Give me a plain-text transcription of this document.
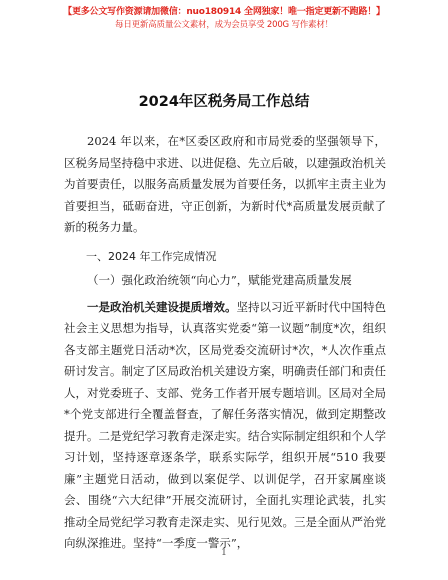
【更多公文写作资源请加微信：nuo180914 全网独家！唯一指定更新不跑路！】
每日更新高质量公文素材，成为会员享受 200G 写作素材！
2024年区税务局工作总结

2024 年以来，在*区委区政府和市局党委的坚强领导下，区税务局坚持稳中求进、以进促稳、先立后破，以建强政治机关为首要责任，以服务高质量发展为首要任务，以抓牢主责主业为首要担当，砥砺奋进，守正创新，为新时代*高质量发展贡献了新的税务力量。

一、2024 年工作完成情况

（一）强化政治统领“向心力”，赋能党建高质量发展

一是政治机关建设提质增效。坚持以习近平新时代中国特色社会主义思想为指导，认真落实党委“第一议题”制度*次，组织各支部主题党日活动*次，区局党委交流研讨*次，*人次作重点研讨发言。制定了区局政治机关建设方案，明确责任部门和责任人，对党委班子、支部、党务工作者开展专题培训。区局对全局*个党支部进行全覆盖督查，了解任务落实情况，做到定期整改提升。二是党纪学习教育走深走实。结合实际制定组织和个人学习计划，坚持逐章逐条学，联系实际学，组织开展“510 我要廉”主题党日活动，做到以案促学、以训促学，召开家属座谈会、围绕“六大纪律”开展交流研讨，全面扎实理论武装，扎实推动全局党纪学习教育走深走实、见行见效。三是全面从严治党向纵深推进。坚持“一季度一警示”，

1
